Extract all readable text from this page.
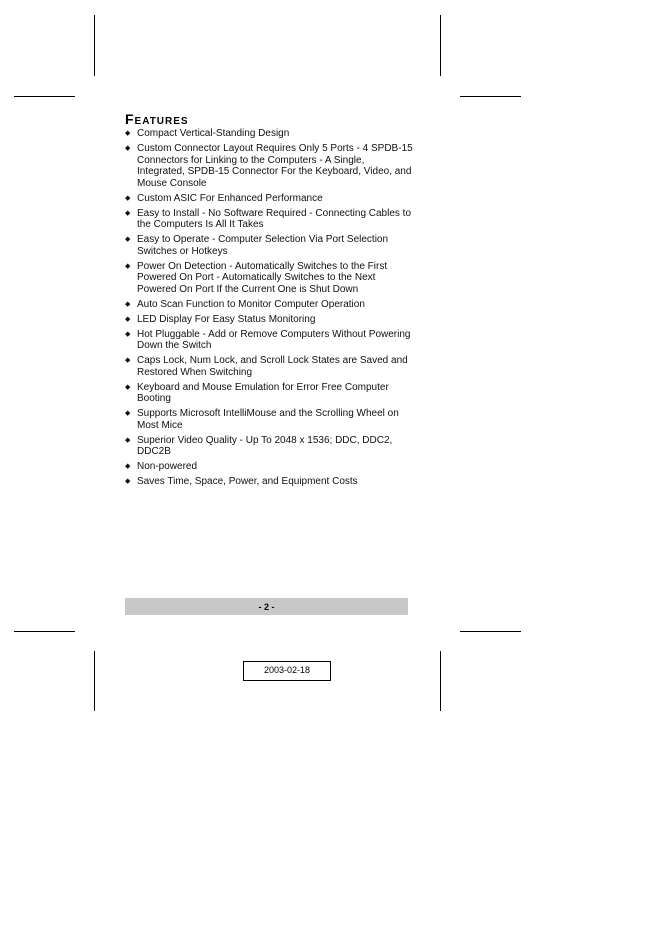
Features
◆ Compact Vertical-Standing Design
◆ Custom Connector Layout Requires Only 5 Ports - 4 SPDB-15 Connectors for Linking to the Computers - A Single, Integrated, SPDB-15 Connector For the Keyboard, Video, and Mouse Console
◆ Custom ASIC For Enhanced Performance
◆ Easy to Install - No Software Required - Connecting Cables to the Computers Is All It Takes
◆ Easy to Operate - Computer Selection Via Port Selection Switches or Hotkeys
◆ Power On Detection - Automatically Switches to the First Powered On Port - Automatically Switches to the Next Powered On Port If the Current One is Shut Down
◆ Auto Scan Function to Monitor Computer Operation
◆ LED Display For Easy Status Monitoring
◆ Hot Pluggable - Add or Remove Computers Without Powering Down the Switch
◆ Caps Lock, Num Lock, and Scroll Lock States are Saved and Restored When Switching
◆ Keyboard and Mouse Emulation for Error Free Computer Booting
◆ Supports Microsoft IntelliMouse and the Scrolling Wheel on Most Mice
◆ Superior Video Quality - Up To 2048 x 1536; DDC, DDC2, DDC2B
◆ Non-powered
◆ Saves Time, Space, Power, and Equipment Costs
- 2 -
2003-02-18
